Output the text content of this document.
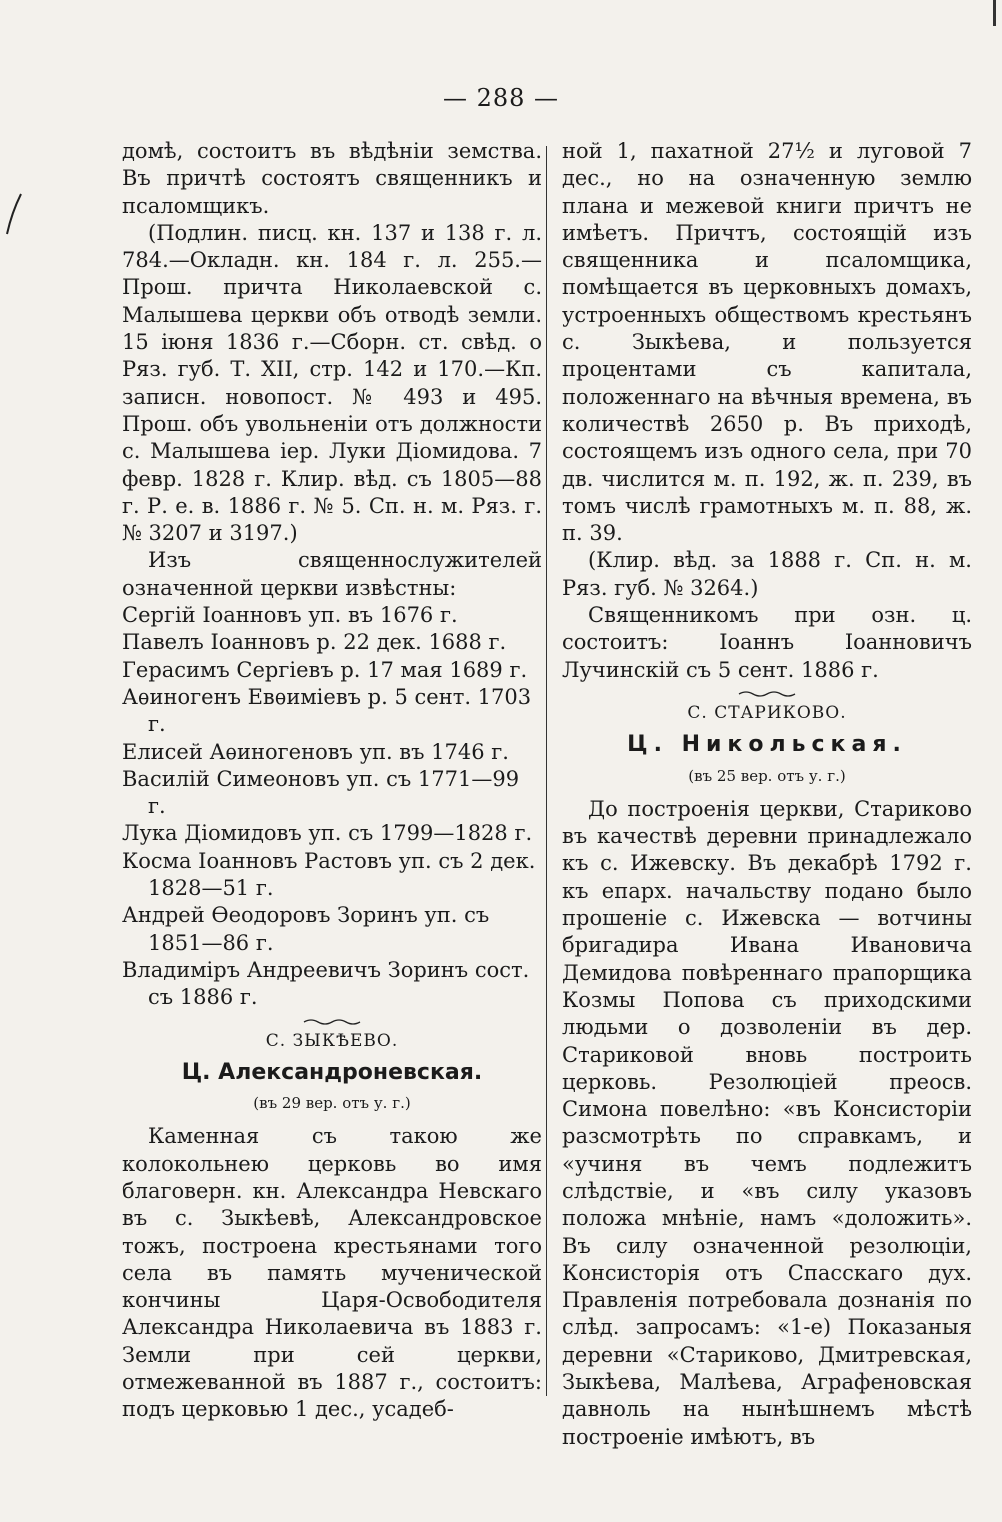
— 288 —

домѣ, состоитъ въ вѣдѣніи земства. Въ причтѣ состоятъ священникъ и псаломщикъ.

(Подлин. писц. кн. 137 и 138 г. л. 784.—Окладн. кн. 184 г. л. 255.—Прош. причта Николаевской с. Малышева церкви объ отводѣ земли. 15 іюня 1836 г.—Сборн. ст. свѣд. о Ряз. губ. Т. XII, стр. 142 и 170.—Кп. записн. новопост. № 493 и 495. Прош. объ увольненіи отъ должности с. Малышева іер. Луки Діомидова. 7 февр. 1828 г. Клир. вѣд. съ 1805—88 г. Р. е. в. 1886 г. № 5. Сп. н. м. Ряз. г. № 3207 и 3197.)

Изъ священнослужителей означенной церкви извѣстны:

Сергій Іоанновъ уп. въ 1676 г.

Павелъ Іоанновъ р. 22 дек. 1688 г.

Герасимъ Сергіевъ р. 17 мая 1689 г.

Аѳиногенъ Евѳиміевъ р. 5 сент. 1703 г.

Елисей Аѳиногеновъ уп. въ 1746 г.

Василій Симеоновъ уп. съ 1771—99 г.

Лука Діомидовъ уп. съ 1799—1828 г.

Косма Іоанновъ Растовъ уп. съ 2 дек. 1828—51 г.

Андрей Ѳеодоровъ Зоринъ уп. съ 1851—86 г.

Владиміръ Андреевичъ Зоринъ сост. съ 1886 г.

С. ЗЫКѢЕВО.

Ц. Александроневская.

(въ 29 вер. отъ у. г.)

Каменная съ такою же колокольнею церковь во имя благоверн. кн. Александра Невскаго въ с. Зыкѣевѣ, Александровское тожъ, построена крестьянами того села въ память мученической кончины Царя-Освободителя Александра Николаевича въ 1883 г. Земли при сей церкви, отмежеванной въ 1887 г., состоитъ: подъ церковью 1 дес., усадеб-

ной 1, пахатной 27½ и луговой 7 дес., но на означенную землю плана и межевой книги причтъ не имѣетъ. Причтъ, состоящій изъ священника и псаломщика, помѣщается въ церковныхъ домахъ, устроенныхъ обществомъ крестьянъ с. Зыкѣева, и пользуется процентами съ капитала, положеннаго на вѣчныя времена, въ количествѣ 2650 р. Въ приходѣ, состоящемъ изъ одного села, при 70 дв. числится м. п. 192, ж. п. 239, въ томъ числѣ грамотныхъ м. п. 88, ж. п. 39.

(Клир. вѣд. за 1888 г. Сп. н. м. Ряз. губ. № 3264.)

Священникомъ при озн. ц. состоитъ: Іоаннъ Іоанновичъ Лучинскій съ 5 сент. 1886 г.

С. СТАРИКОВО.

Ц. Никольская.

(въ 25 вер. отъ у. г.)

До построенія церкви, Стариково въ качествѣ деревни принадлежало къ с. Ижевску. Въ декабрѣ 1792 г. къ епарх. начальству подано было прошеніе с. Ижевска — вотчины бригадира Ивана Ивановича Демидова повѣреннаго прапорщика Козмы Попова съ приходскими людьми о дозволеніи въ дер. Стариковой вновь построить церковь. Резолюціей преосв. Симона повелѣно: «въ Консисторіи разсмотрѣть по справкамъ, и «учиня въ чемъ подлежитъ слѣдствіе, и «въ силу указовъ положа мнѣніе, намъ «доложить». Въ силу означенной резолюціи, Консисторія отъ Спасскаго дух. Правленія потребовала дознанія по слѣд. запросамъ: «1-е) Показаныя деревни «Стариково, Дмитревская, Зыкѣева, Малѣева, Аграфеновская давноль на нынѣшнемъ мѣстѣ построеніе имѣютъ, въ
